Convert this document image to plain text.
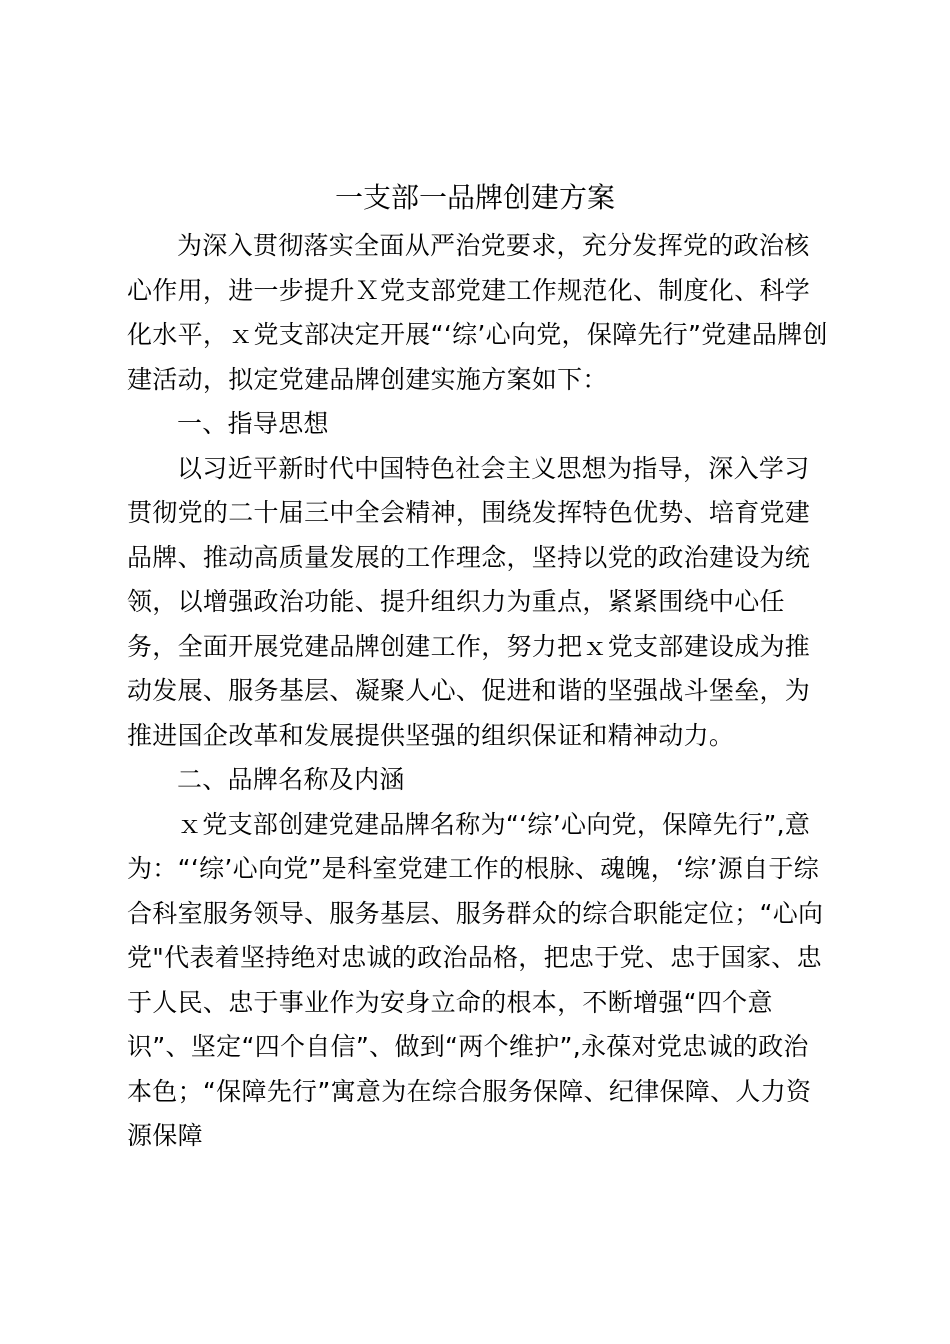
一支部一品牌创建方案
为深入贯彻落实全面从严治党要求，充分发挥党的政治核
心作用，进一步提升Ｘ党支部党建工作规范化、制度化、科学
化水平，ｘ党支部决定开展“‘综’心向党，保障先行”党建品牌创
建活动，拟定党建品牌创建实施方案如下：
一、指导思想
以习近平新时代中国特色社会主义思想为指导，深入学习
贯彻党的二十届三中全会精神，围绕发挥特色优势、培育党建
品牌、推动高质量发展的工作理念，坚持以党的政治建设为统
领，以增强政治功能、提升组织力为重点，紧紧围绕中心任
务，全面开展党建品牌创建工作，努力把ｘ党支部建设成为推
动发展、服务基层、凝聚人心、促进和谐的坚强战斗堡垒，为
推进国企改革和发展提供坚强的组织保证和精神动力。
二、品牌名称及内涵
ｘ党支部创建党建品牌名称为“‘综’心向党，保障先行”,意
为：“‘综’心向党”是科室党建工作的根脉、魂魄，‘综’源自于综
合科室服务领导、服务基层、服务群众的综合职能定位；“心向
党"代表着坚持绝对忠诚的政治品格，把忠于党、忠于国家、忠
于人民、忠于事业作为安身立命的根本，不断增强“四个意
识”、坚定“四个自信”、做到“两个维护”,永葆对党忠诚的政治
本色；“保障先行”寓意为在综合服务保障、纪律保障、人力资
源保障
